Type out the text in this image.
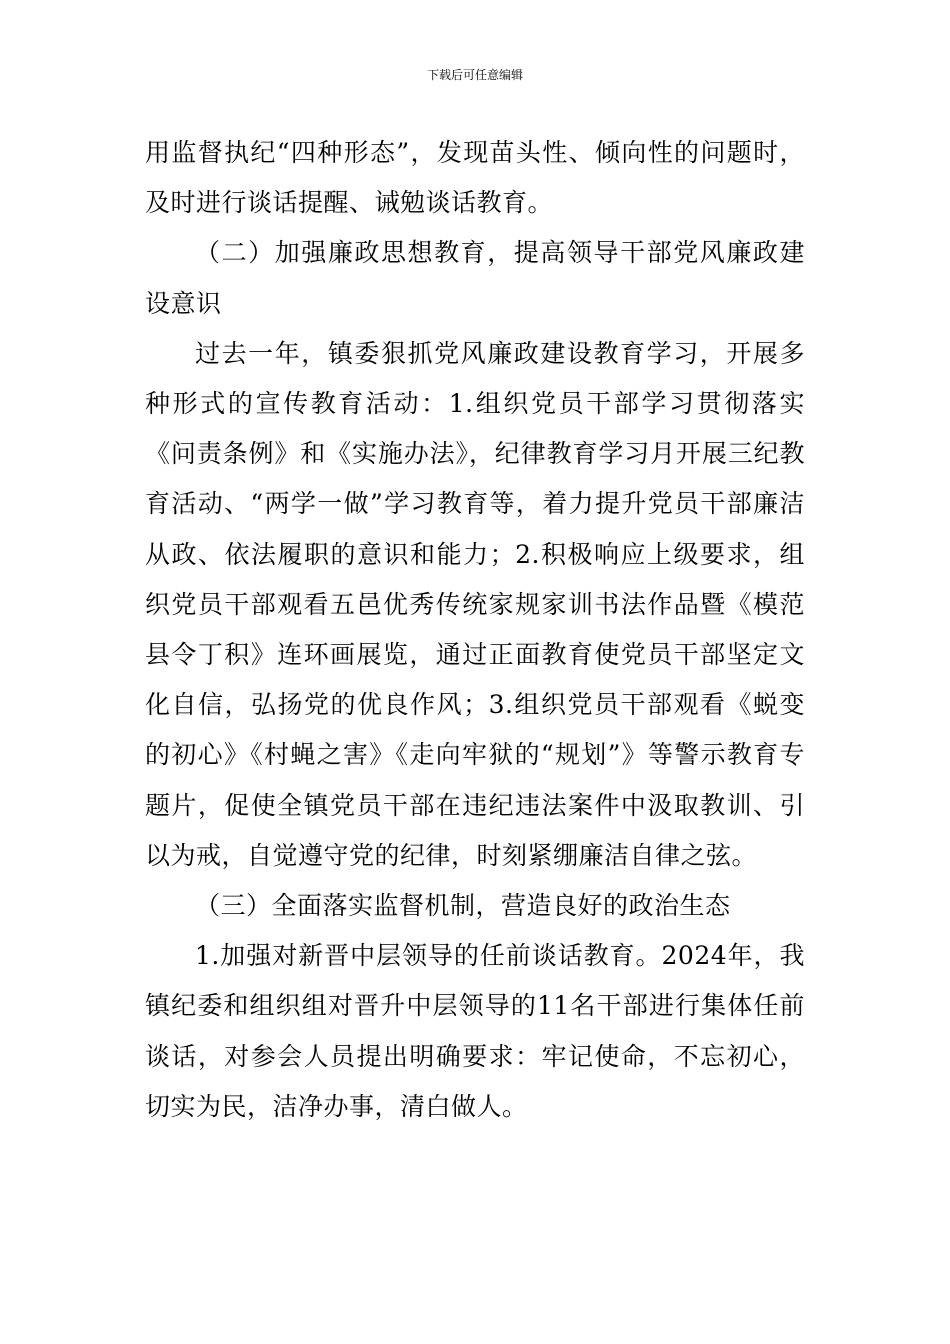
下载后可任意编辑

用监督执纪“四种形态”，发现苗头性、倾向性的问题时，及时进行谈话提醒、诫勉谈话教育。

（二）加强廉政思想教育，提高领导干部党风廉政建设意识

过去一年，镇委狠抓党风廉政建设教育学习，开展多种形式的宣传教育活动：1.组织党员干部学习贯彻落实《问责条例》和《实施办法》，纪律教育学习月开展三纪教育活动、“两学一做”学习教育等，着力提升党员干部廉洁从政、依法履职的意识和能力；2.积极响应上级要求，组织党员干部观看五邑优秀传统家规家训书法作品暨《模范县令丁积》连环画展览，通过正面教育使党员干部坚定文化自信，弘扬党的优良作风；3.组织党员干部观看《蜕变的初心》《村蝇之害》《走向牢狱的“规划”》等警示教育专题片，促使全镇党员干部在违纪违法案件中汲取教训、引以为戒，自觉遵守党的纪律，时刻紧绷廉洁自律之弦。

（三）全面落实监督机制，营造良好的政治生态

1.加强对新晋中层领导的任前谈话教育。2024年，我镇纪委和组织组对晋升中层领导的11名干部进行集体任前谈话，对参会人员提出明确要求：牢记使命，不忘初心，切实为民，洁净办事，清白做人。
